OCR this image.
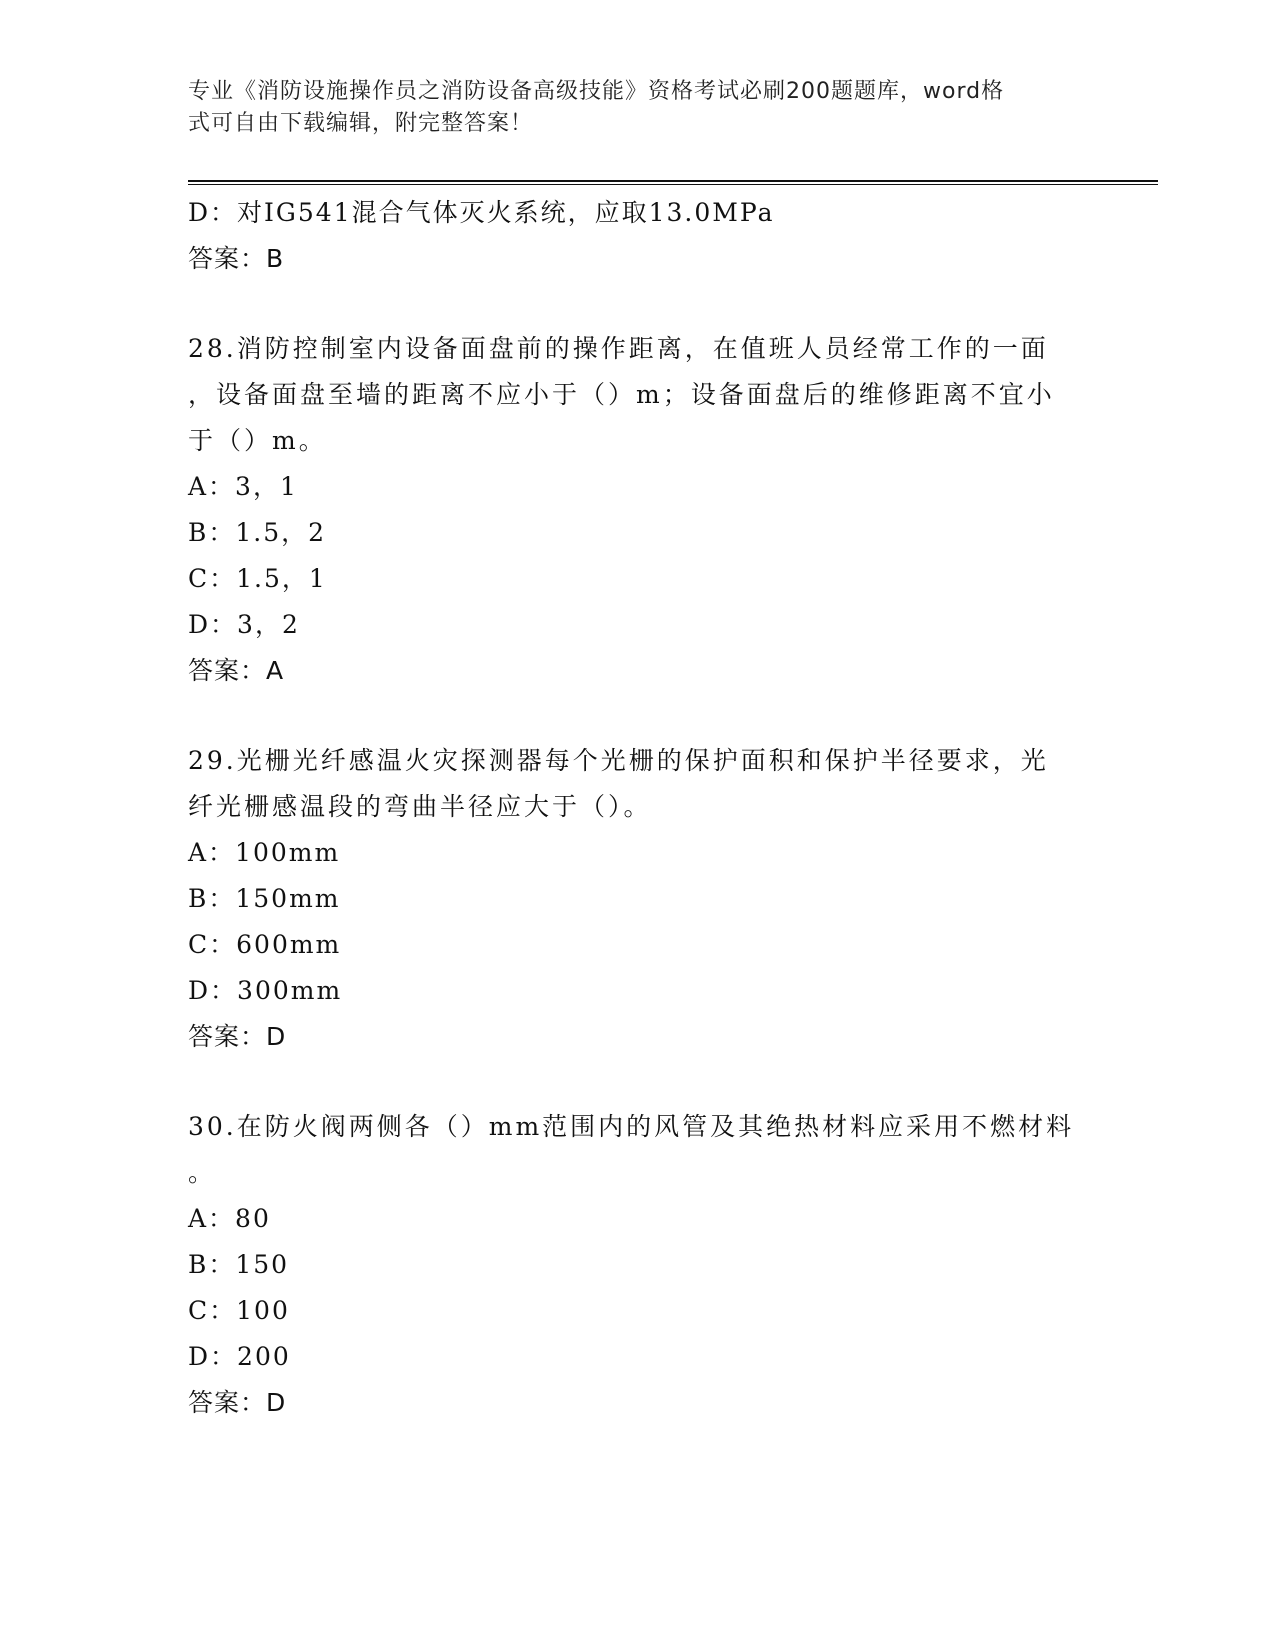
专业《消防设施操作员之消防设备高级技能》资格考试必刷200题题库，word格
式可自由下载编辑，附完整答案！
D：对IG541混合气体灭火系统，应取13.0MPa
答案：B
28.消防控制室内设备面盘前的操作距离，在值班人员经常工作的一面
，设备面盘至墙的距离不应小于（）m；设备面盘后的维修距离不宜小
于（）m。
A：3，1
B：1.5，2
C：1.5，1
D：3，2
答案：A
29.光栅光纤感温火灾探测器每个光栅的保护面积和保护半径要求，光
纤光栅感温段的弯曲半径应大于（）。
A：100mm
B：150mm
C：600mm
D：300mm
答案：D
30.在防火阀两侧各（）mm范围内的风管及其绝热材料应采用不燃材料
。
A：80
B：150
C：100
D：200
答案：D
